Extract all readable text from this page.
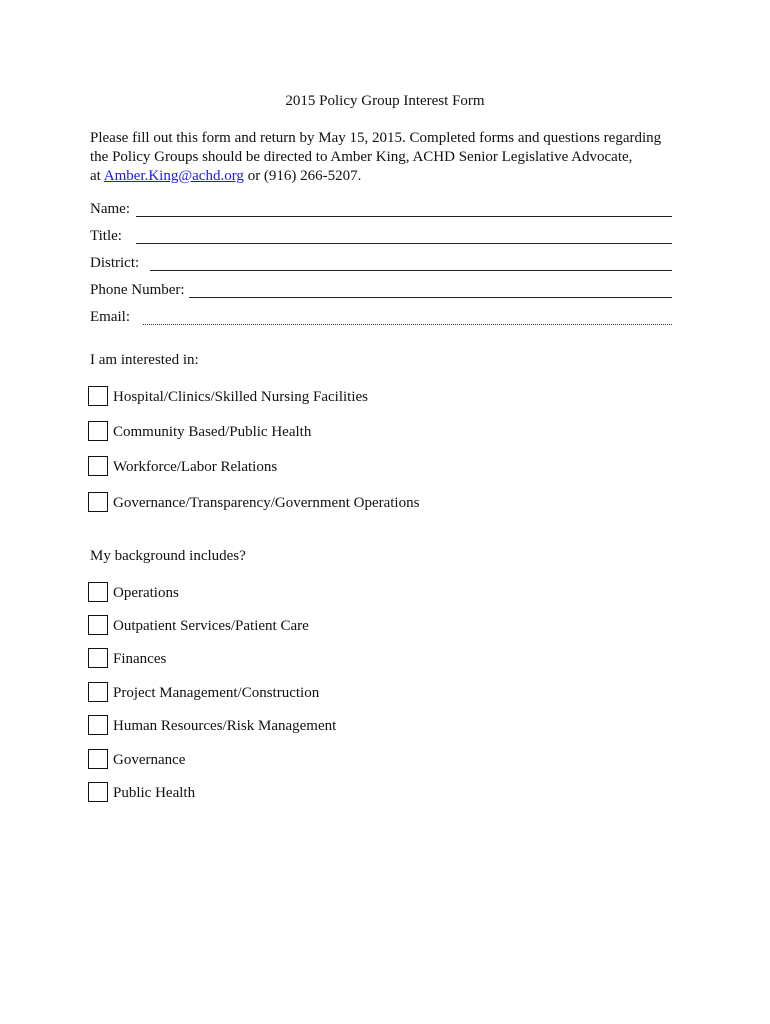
2015 Policy Group Interest Form
Please fill out this form and return by May 15, 2015. Completed forms and questions regarding
the Policy Groups should be directed to Amber King, ACHD Senior Legislative Advocate,
at Amber.King@achd.org or (916) 266-5207.
Name:
Title:
District:
Phone Number:
Email:
I am interested in:
Hospital/Clinics/Skilled Nursing Facilities
Community Based/Public Health
Workforce/Labor Relations
Governance/Transparency/Government Operations
My background includes?
Operations
Outpatient Services/Patient Care
Finances
Project Management/Construction
Human Resources/Risk Management
Governance
Public Health
